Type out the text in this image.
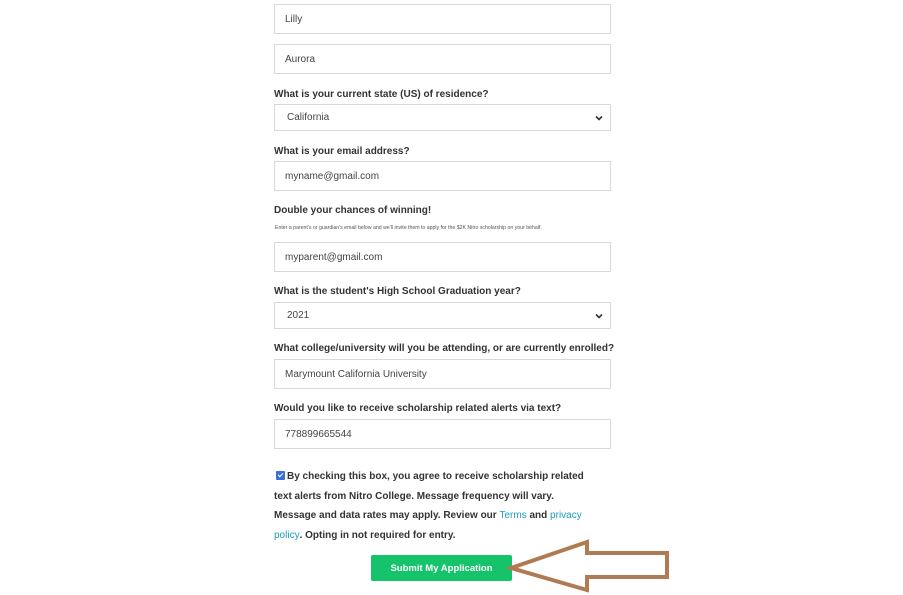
Lilly
Aurora
What is your current state (US) of residence?
California
What is your email address?
myname@gmail.com
Double your chances of winning!
Enter a parent's or guardian's email below and we'll invite them to apply for the $2K Nitro scholarship on your behalf.
myparent@gmail.com
What is the student's High School Graduation year?
2021
What college/university will you be attending, or are currently enrolled?
Marymount California University
Would you like to receive scholarship related alerts via text?
778899665544
By checking this box, you agree to receive scholarship related text alerts from Nitro College. Message frequency will vary. Message and data rates may apply. Review our Terms and privacy policy. Opting in not required for entry.
Submit My Application
